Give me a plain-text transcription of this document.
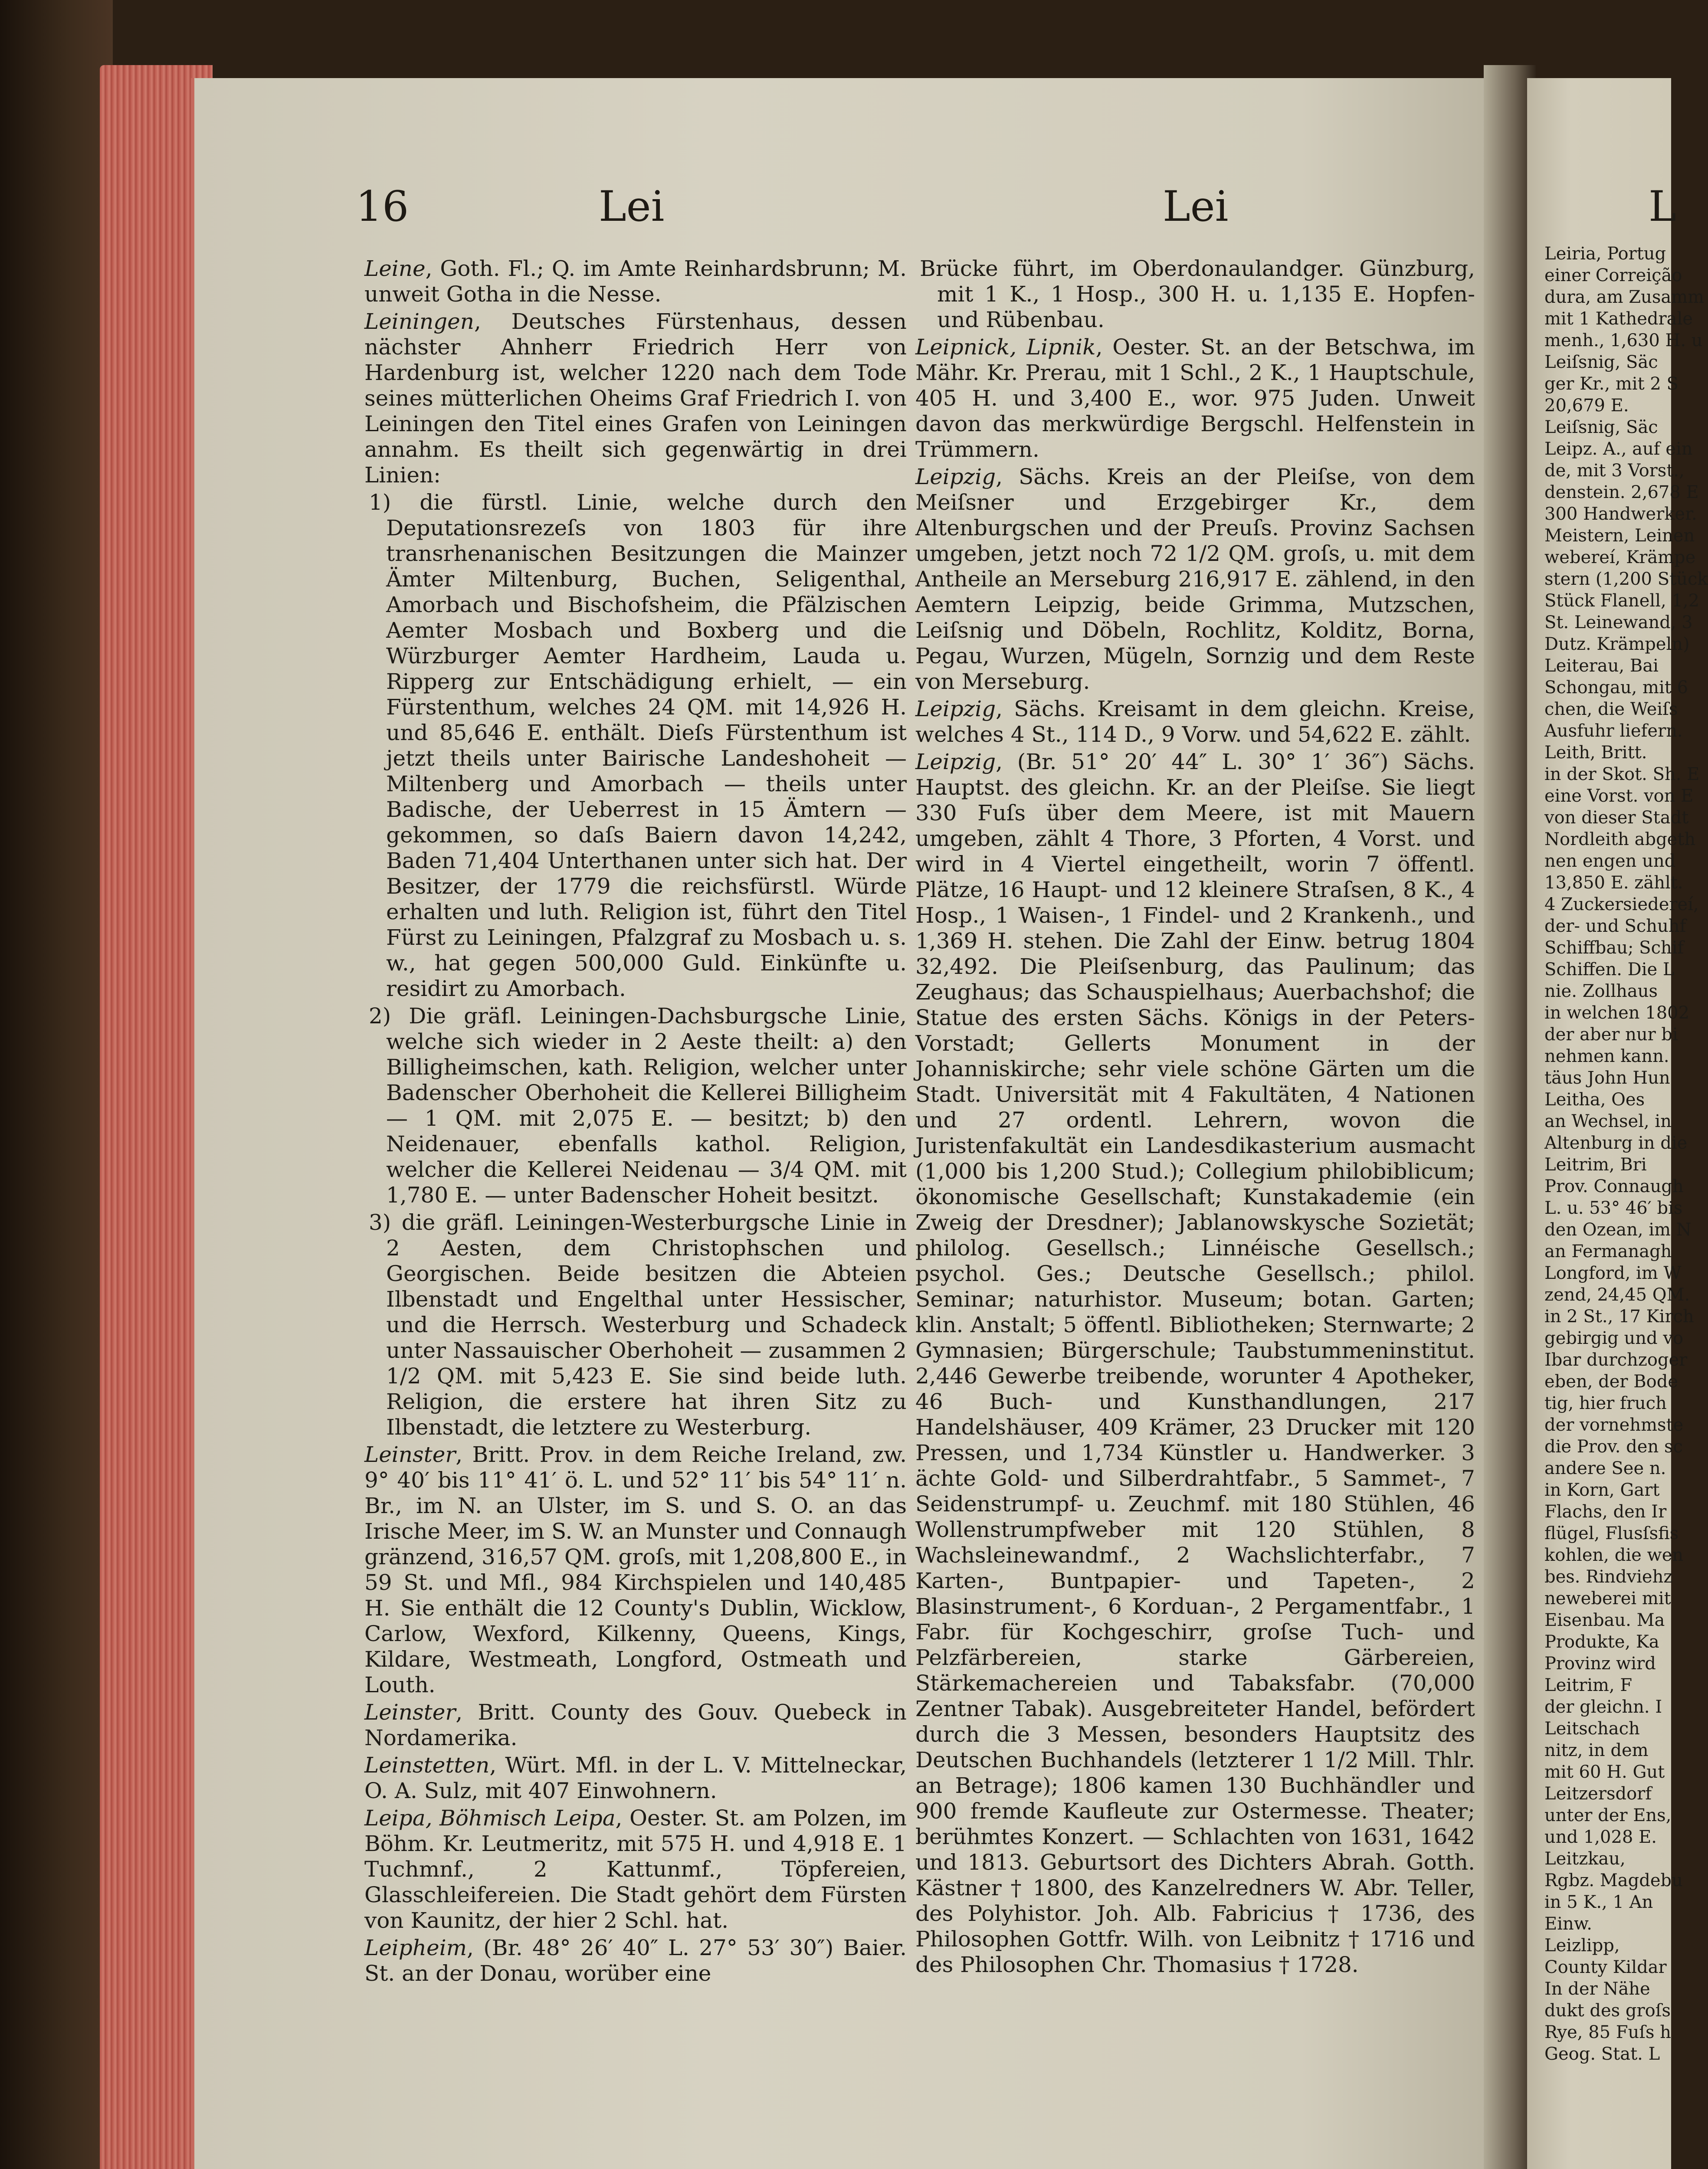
16	Lei	Lei	L

Leine, Goth. Fl.; Q. im Amte Reinhardsbrunn; M. unweit Gotha in die Nesse.

Leiningen, Deutsches Fürstenhaus, dessen nächster Ahnherr Friedrich Herr von Hardenburg ist, welcher 1220 nach dem Tode seines mütterlichen Oheims Graf Friedrich I. von Leiningen den Titel eines Grafen von Leiningen annahm. Es theilt sich gegenwärtig in drei Linien:

1) die fürstl. Linie, welche durch den Deputationsrezeſs von 1803 für ihre transrhenanischen Besitzungen die Mainzer Ämter Miltenburg, Buchen, Seligenthal, Amorbach und Bischofsheim, die Pfälzischen Aemter Mosbach und Boxberg und die Würzburger Aemter Hardheim, Lauda u. Ripperg zur Entschädigung erhielt, — ein Fürstenthum, welches 24 QM. mit 14,926 H. und 85,646 E. enthält. Dieſs Fürstenthum ist jetzt theils unter Bairische Landeshoheit — Miltenberg und Amorbach — theils unter Badische, der Ueberrest in 15 Ämtern — gekommen, so daſs Baiern davon 14,242, Baden 71,404 Unterthanen unter sich hat. Der Besitzer, der 1779 die reichsfürstl. Würde erhalten und luth. Religion ist, führt den Titel Fürst zu Leiningen, Pfalzgraf zu Mosbach u. s. w., hat gegen 500,000 Guld. Einkünfte u. residirt zu Amorbach.

2) Die gräfl. Leiningen-Dachsburgsche Linie, welche sich wieder in 2 Aeste theilt: a) den Billigheimschen, kath. Religion, welcher unter Badenscher Oberhoheit die Kellerei Billigheim — 1 QM. mit 2,075 E. — besitzt; b) den Neidenauer, ebenfalls kathol. Religion, welcher die Kellerei Neidenau — 3/4 QM. mit 1,780 E. — unter Badenscher Hoheit besitzt.

3) die gräfl. Leiningen-Westerburgsche Linie in 2 Aesten, dem Christophschen und Georgischen. Beide besitzen die Abteien Ilbenstadt und Engelthal unter Hessischer, und die Herrsch. Westerburg und Schadeck unter Nassauischer Oberhoheit — zusammen 2 1/2 QM. mit 5,423 E. Sie sind beide luth. Religion, die erstere hat ihren Sitz zu Ilbenstadt, die letztere zu Westerburg.

Leinster, Britt. Prov. in dem Reiche Ireland, zw. 9° 40′ bis 11° 41′ ö. L. und 52° 11′ bis 54° 11′ n. Br., im N. an Ulster, im S. und S. O. an das Irische Meer, im S. W. an Munster und Connaugh gränzend, 316,57 QM. groſs, mit 1,208,800 E., in 59 St. und Mfl., 984 Kirchspielen und 140,485 H. Sie enthält die 12 County's Dublin, Wicklow, Carlow, Wexford, Kilkenny, Queens, Kings, Kildare, Westmeath, Longford, Ostmeath und Louth.

Leinster, Britt. County des Gouv. Quebeck in Nordamerika.

Leinstetten, Würt. Mfl. in der L. V. Mittelneckar, O. A. Sulz, mit 407 Einwohnern.

Leipa, Böhmisch Leipa, Oester. St. am Polzen, im Böhm. Kr. Leutmeritz, mit 575 H. und 4,918 E. 1 Tuchmnf., 2 Kattunmf., Töpfereien, Glasschleifereien. Die Stadt gehört dem Fürsten von Kaunitz, der hier 2 Schl. hat.

Leipheim, (Br. 48° 26′ 40″ L. 27° 53′ 30″) Baier. St. an der Donau, worüber eine

Brücke führt, im Oberdonaulandger. Günzburg, mit 1 K., 1 Hosp., 300 H. u. 1,135 E. Hopfen- und Rübenbau.

Leipnick, Lipnik, Oester. St. an der Betschwa, im Mähr. Kr. Prerau, mit 1 Schl., 2 K., 1 Hauptschule, 405 H. und 3,400 E., wor. 975 Juden. Unweit davon das merkwürdige Bergschl. Helfenstein in Trümmern.

Leipzig, Sächs. Kreis an der Pleiſse, von dem Meiſsner und Erzgebirger Kr., dem Altenburgschen und der Preuſs. Provinz Sachsen umgeben, jetzt noch 72 1/2 QM. groſs, u. mit dem Antheile an Merseburg 216,917 E. zählend, in den Aemtern Leipzig, beide Grimma, Mutzschen, Leiſsnig und Döbeln, Rochlitz, Kolditz, Borna, Pegau, Wurzen, Mügeln, Sornzig und dem Reste von Merseburg.

Leipzig, Sächs. Kreisamt in dem gleichn. Kreise, welches 4 St., 114 D., 9 Vorw. und 54,622 E. zählt.

Leipzig, (Br. 51° 20′ 44″ L. 30° 1′ 36″) Sächs. Hauptst. des gleichn. Kr. an der Pleiſse. Sie liegt 330 Fuſs über dem Meere, ist mit Mauern umgeben, zählt 4 Thore, 3 Pforten, 4 Vorst. und wird in 4 Viertel eingetheilt, worin 7 öffentl. Plätze, 16 Haupt- und 12 kleinere Straſsen, 8 K., 4 Hosp., 1 Waisen-, 1 Findel- und 2 Krankenh., und 1,369 H. stehen. Die Zahl der Einw. betrug 1804 32,492. Die Pleiſsenburg, das Paulinum; das Zeughaus; das Schauspielhaus; Auerbachshof; die Statue des ersten Sächs. Königs in der Peters-Vorstadt; Gellerts Monument in der Johanniskirche; sehr viele schöne Gärten um die Stadt. Universität mit 4 Fakultäten, 4 Nationen und 27 ordentl. Lehrern, wovon die Juristenfakultät ein Landesdikasterium ausmacht (1,000 bis 1,200 Stud.); Collegium philobiblicum; ökonomische Gesellschaft; Kunstakademie (ein Zweig der Dresdner); Jablanowskysche Sozietät; philolog. Gesellsch.; Linnéische Gesellsch.; psychol. Ges.; Deutsche Gesellsch.; philol. Seminar; naturhistor. Museum; botan. Garten; klin. Anstalt; 5 öffentl. Bibliotheken; Sternwarte; 2 Gymnasien; Bürgerschule; Taubstummeninstitut. 2,446 Gewerbe treibende, worunter 4 Apotheker, 46 Buch- und Kunsthandlungen, 217 Handelshäuser, 409 Krämer, 23 Drucker mit 120 Pressen, und 1,734 Künstler u. Handwerker. 3 ächte Gold- und Silberdrahtfabr., 5 Sammet-, 7 Seidenstrumpf- u. Zeuchmf. mit 180 Stühlen, 46 Wollenstrumpfweber mit 120 Stühlen, 8 Wachsleinewandmf., 2 Wachslichterfabr., 7 Karten-, Buntpapier- und Tapeten-, 2 Blasinstrument-, 6 Korduan-, 2 Pergamentfabr., 1 Fabr. für Kochgeschirr, groſse Tuch- und Pelzfärbereien, starke Gärbereien, Stärkemachereien und Tabaksfabr. (70,000 Zentner Tabak). Ausgebreiteter Handel, befördert durch die 3 Messen, besonders Hauptsitz des Deutschen Buchhandels (letzterer 1 1/2 Mill. Thlr. an Betrage); 1806 kamen 130 Buchhändler und 900 fremde Kaufleute zur Ostermesse. Theater; berühmtes Konzert. — Schlachten von 1631, 1642 und 1813. Geburtsort des Dichters Abrah. Gotth. Kästner † 1800, des Kanzelredners W. Abr. Teller, des Polyhistor. Joh. Alb. Fabricius † 1736, des Philosophen Gottfr. Wilh. von Leibnitz † 1716 und des Philosophen Chr. Thomasius † 1728.

Leiria, Portug
einer Correição
dura, am Zusamm
mit 1 Kathedrale
menh., 1,630 H. u
Leiſsnig, Säc
ger Kr., mit 2 S
20,679 E.
Leiſsnig, Säc
Leipz. A., auf ein
de, mit 3 Vorst.,
denstein. 2,678 E
300 Handwerker.
Meistern, Leinen
webereí, Krämpe
stern (1,200 Stück
Stück Flanell, 1,2
St. Leinewand, 3
Dutz. Krämpeln)
Leiterau, Bai
Schongau, mit 6
chen, die Weiſs
Ausfuhr liefern.
Leith, Britt.
in der Skot. Sh. E
eine Vorst. von E
von dieser Stadt
Nordleith abgeth
nen engen und
13,850 E. zählt.
4 Zuckersiedereí,
der- und Schuhf
Schiffbau; Schif
Schiffen. Die L
nie. Zollhaus
in welchen 1802
der aber nur bi
nehmen kann.
täus John Hun
Leitha, Oes
an Wechsel, in
Altenburg in die
Leitrim, Bri
Prov. Connaugh
L. u. 53° 46′ bis
den Ozean, im N
an Fermanagh
Longford, im W
zend, 24,45 QM.
in 2 St., 17 Kirch
gebirgig und vo
Ibar durchzoger
eben, der Bode
tig, hier fruch
der vornehmste
die Prov. den sc
andere See n.
in Korn, Gart
Flachs, den Ir
flügel, Flusſsfis
kohlen, die wen
bes. Rindviehz
neweberei mit
Eisenbau. Ma
Produkte, Ka
Provinz wird
Leitrim, F
der gleichn. I
Leitschach
nitz, in dem
mit 60 H. Gut
Leitzersdorf
unter der Ens,
und 1,028 E.
Leitzkau,
Rgbz. Magdebu
in 5 K., 1 An
Einw.
Leizlipp,
County Kildar
In der Nähe
dukt des groſs
Rye, 85 Fuſs h
Geog. Stat. L
